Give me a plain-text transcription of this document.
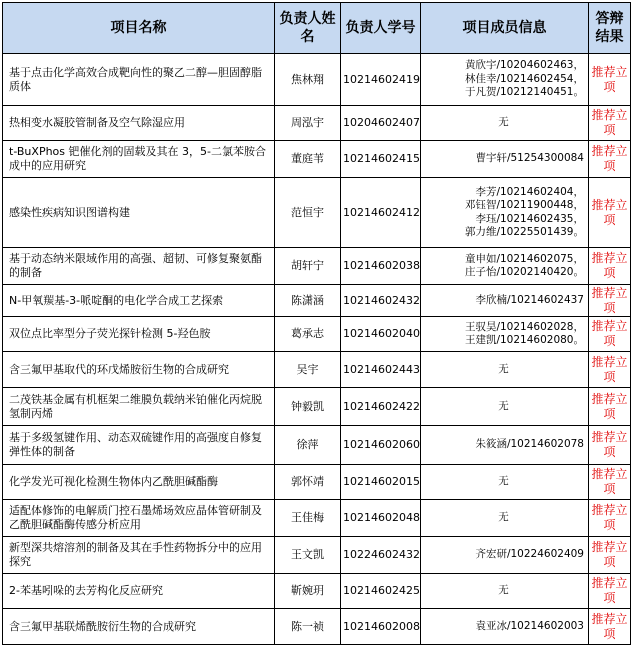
项目名称	负责人姓名	负责人学号	项目成员信息	答辩结果
基于点击化学高效合成靶向性的聚乙二醇—胆固醇脂质体	焦林翔	10214602419	黄欣宇/10204602463，
林佳幸/10214602454，
于凡贺/10212140451。	推荐立项
热相变水凝胶管制备及空气除湿应用	周泓宇	10204602407	无	推荐立项
t-BuXPhos 钯催化剂的固载及其在 3，5-二氯苯胺合成中的应用研究	董庭苇	10214602415	曹宇轩/51254300084	推荐立项
感染性疾病知识图谱构建	范恒宇	10214602412	李芳/10214602404，
邓钰智/10211900448，
李珏/10214602435，
郭力维/10225501439。	推荐立项
基于动态纳米限域作用的高强、超韧、可修复聚氨酯的制备	胡轩宁	10214602038	童申如/10214602075，
庄子怡/10202140420。	推荐立项
N-甲氧羰基-3-哌啶酮的电化学合成工艺探索	陈潇涵	10214602432	李欣楠/10214602437	推荐立项
双位点比率型分子荧光探针检测 5-羟色胺	葛承志	10214602040	王驭昊/10214602028，
王建凯/10214602080。	推荐立项
含三氟甲基取代的环戊烯胺衍生物的合成研究	吴宇	10214602443	无	推荐立项
二茂铁基金属有机框架二维膜负载纳米铂催化丙烷脱氢制丙烯	钟毅凯	10214602422	无	推荐立项
基于多级氢键作用、动态双硫键作用的高强度自修复弹性体的制备	徐萍	10214602060	朱筱涵/10214602078	推荐立项
化学发光可视化检测生物体内乙酰胆碱酯酶	郭怀靖	10214602015	无	推荐立项
适配体修饰的电解质门控石墨烯场效应晶体管研制及乙酰胆碱酯酶传感分析应用	王佳梅	10214602048	无	推荐立项
新型深共熔溶剂的制备及其在手性药物拆分中的应用探究	王文凯	10224602432	齐宏研/10224602409	推荐立项
2-苯基吲哚的去芳构化反应研究	靳婉玥	10214602425	无	推荐立项
含三氟甲基联烯酰胺衍生物的合成研究	陈一祯	10214602008	袁亚冰/10214602003	推荐立项
